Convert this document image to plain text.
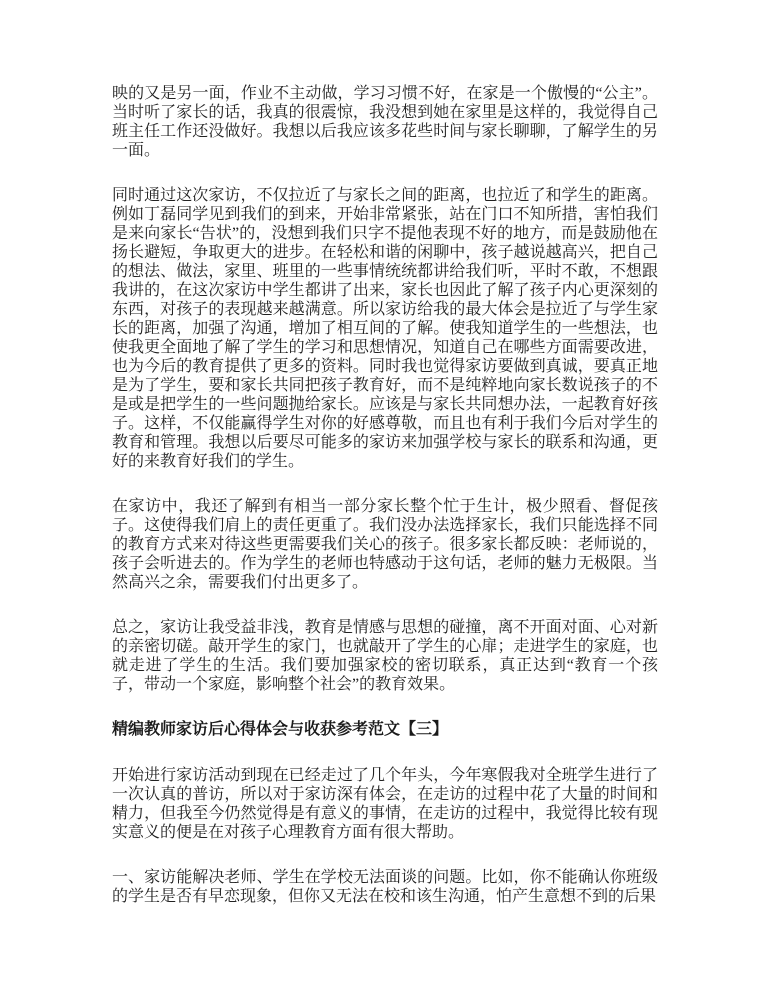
映的又是另一面，作业不主动做，学习习惯不好，在家是一个傲慢的“公主”。当时听了家长的话，我真的很震惊，我没想到她在家里是这样的，我觉得自己班主任工作还没做好。我想以后我应该多花些时间与家长聊聊，了解学生的另一面。

同时通过这次家访，不仅拉近了与家长之间的距离，也拉近了和学生的距离。例如丁磊同学见到我们的到来，开始非常紧张，站在门口不知所措，害怕我们是来向家长“告状”的，没想到我们只字不提他表现不好的地方，而是鼓励他在扬长避短，争取更大的进步。在轻松和谐的闲聊中，孩子越说越高兴，把自己的想法、做法，家里、班里的一些事情统统都讲给我们听，平时不敢，不想跟我讲的，在这次家访中学生都讲了出来，家长也因此了解了孩子内心更深刻的东西，对孩子的表现越来越满意。所以家访给我的最大体会是拉近了与学生家长的距离，加强了沟通，增加了相互间的了解。使我知道学生的一些想法，也使我更全面地了解了学生的学习和思想情况，知道自己在哪些方面需要改进，也为今后的教育提供了更多的资料。同时我也觉得家访要做到真诚，要真正地是为了学生，要和家长共同把孩子教育好，而不是纯粹地向家长数说孩子的不是或是把学生的一些问题抛给家长。应该是与家长共同想办法，一起教育好孩子。这样，不仅能赢得学生对你的好感尊敬，而且也有利于我们今后对学生的教育和管理。我想以后要尽可能多的家访来加强学校与家长的联系和沟通，更好的来教育好我们的学生。

在家访中，我还了解到有相当一部分家长整个忙于生计，极少照看、督促孩子。这使得我们肩上的责任更重了。我们没办法选择家长，我们只能选择不同的教育方式来对待这些更需要我们关心的孩子。很多家长都反映：老师说的，孩子会听进去的。作为学生的老师也特感动于这句话，老师的魅力无极限。当然高兴之余，需要我们付出更多了。

总之，家访让我受益非浅，教育是情感与思想的碰撞，离不开面对面、心对新的亲密切磋。敲开学生的家门，也就敲开了学生的心扉；走进学生的家庭，也就走进了学生的生活。我们要加强家校的密切联系，真正达到“教育一个孩子，带动一个家庭，影响整个社会”的教育效果。

精编教师家访后心得体会与收获参考范文【三】

开始进行家访活动到现在已经走过了几个年头，今年寒假我对全班学生进行了一次认真的普访，所以对于家访深有体会，在走访的过程中花了大量的时间和精力，但我至今仍然觉得是有意义的事情，在走访的过程中，我觉得比较有现实意义的便是在对孩子心理教育方面有很大帮助。

一、家访能解决老师、学生在学校无法面谈的问题。比如，你不能确认你班级的学生是否有早恋现象，但你又无法在校和该生沟通，怕产生意想不到的后果
